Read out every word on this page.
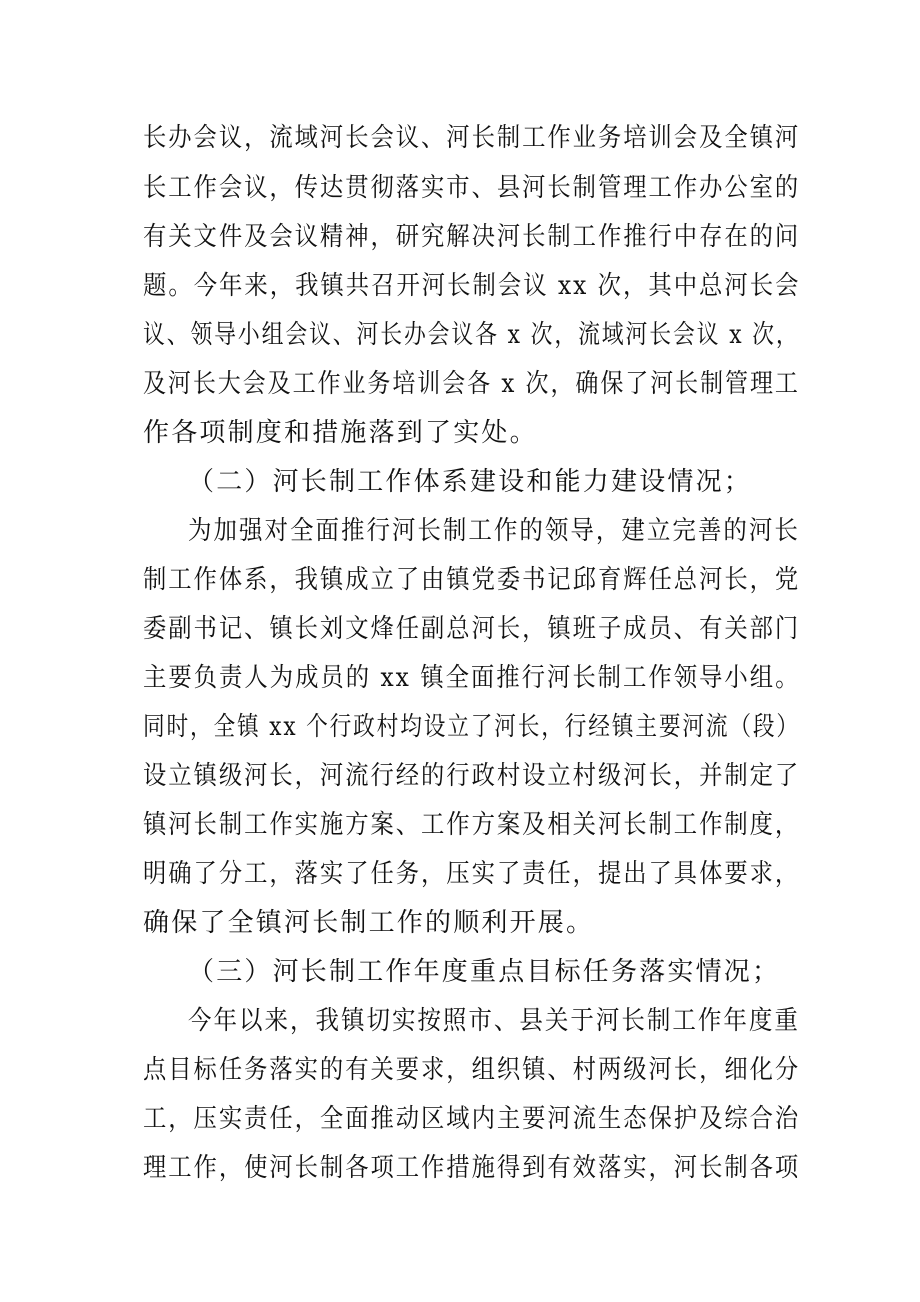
长办会议，流域河长会议、河长制工作业务培训会及全镇河

长工作会议，传达贯彻落实市、县河长制管理工作办公室的

有关文件及会议精神，研究解决河长制工作推行中存在的问

题。今年来，我镇共召开河长制会议 xx 次，其中总河长会

议、领导小组会议、河长办会议各 x 次，流域河长会议 x 次，

及河长大会及工作业务培训会各 x 次，确保了河长制管理工

作各项制度和措施落到了实处。

（二）河长制工作体系建设和能力建设情况；

为加强对全面推行河长制工作的领导，建立完善的河长

制工作体系，我镇成立了由镇党委书记邱育辉任总河长，党

委副书记、镇长刘文烽任副总河长，镇班子成员、有关部门

主要负责人为成员的 xx 镇全面推行河长制工作领导小组。

同时，全镇 xx 个行政村均设立了河长，行经镇主要河流（段）

设立镇级河长，河流行经的行政村设立村级河长，并制定了

镇河长制工作实施方案、工作方案及相关河长制工作制度，

明确了分工，落实了任务，压实了责任，提出了具体要求，

确保了全镇河长制工作的顺利开展。

（三）河长制工作年度重点目标任务落实情况；

今年以来，我镇切实按照市、县关于河长制工作年度重

点目标任务落实的有关要求，组织镇、村两级河长，细化分

工，压实责任，全面推动区域内主要河流生态保护及综合治

理工作，使河长制各项工作措施得到有效落实，河长制各项
